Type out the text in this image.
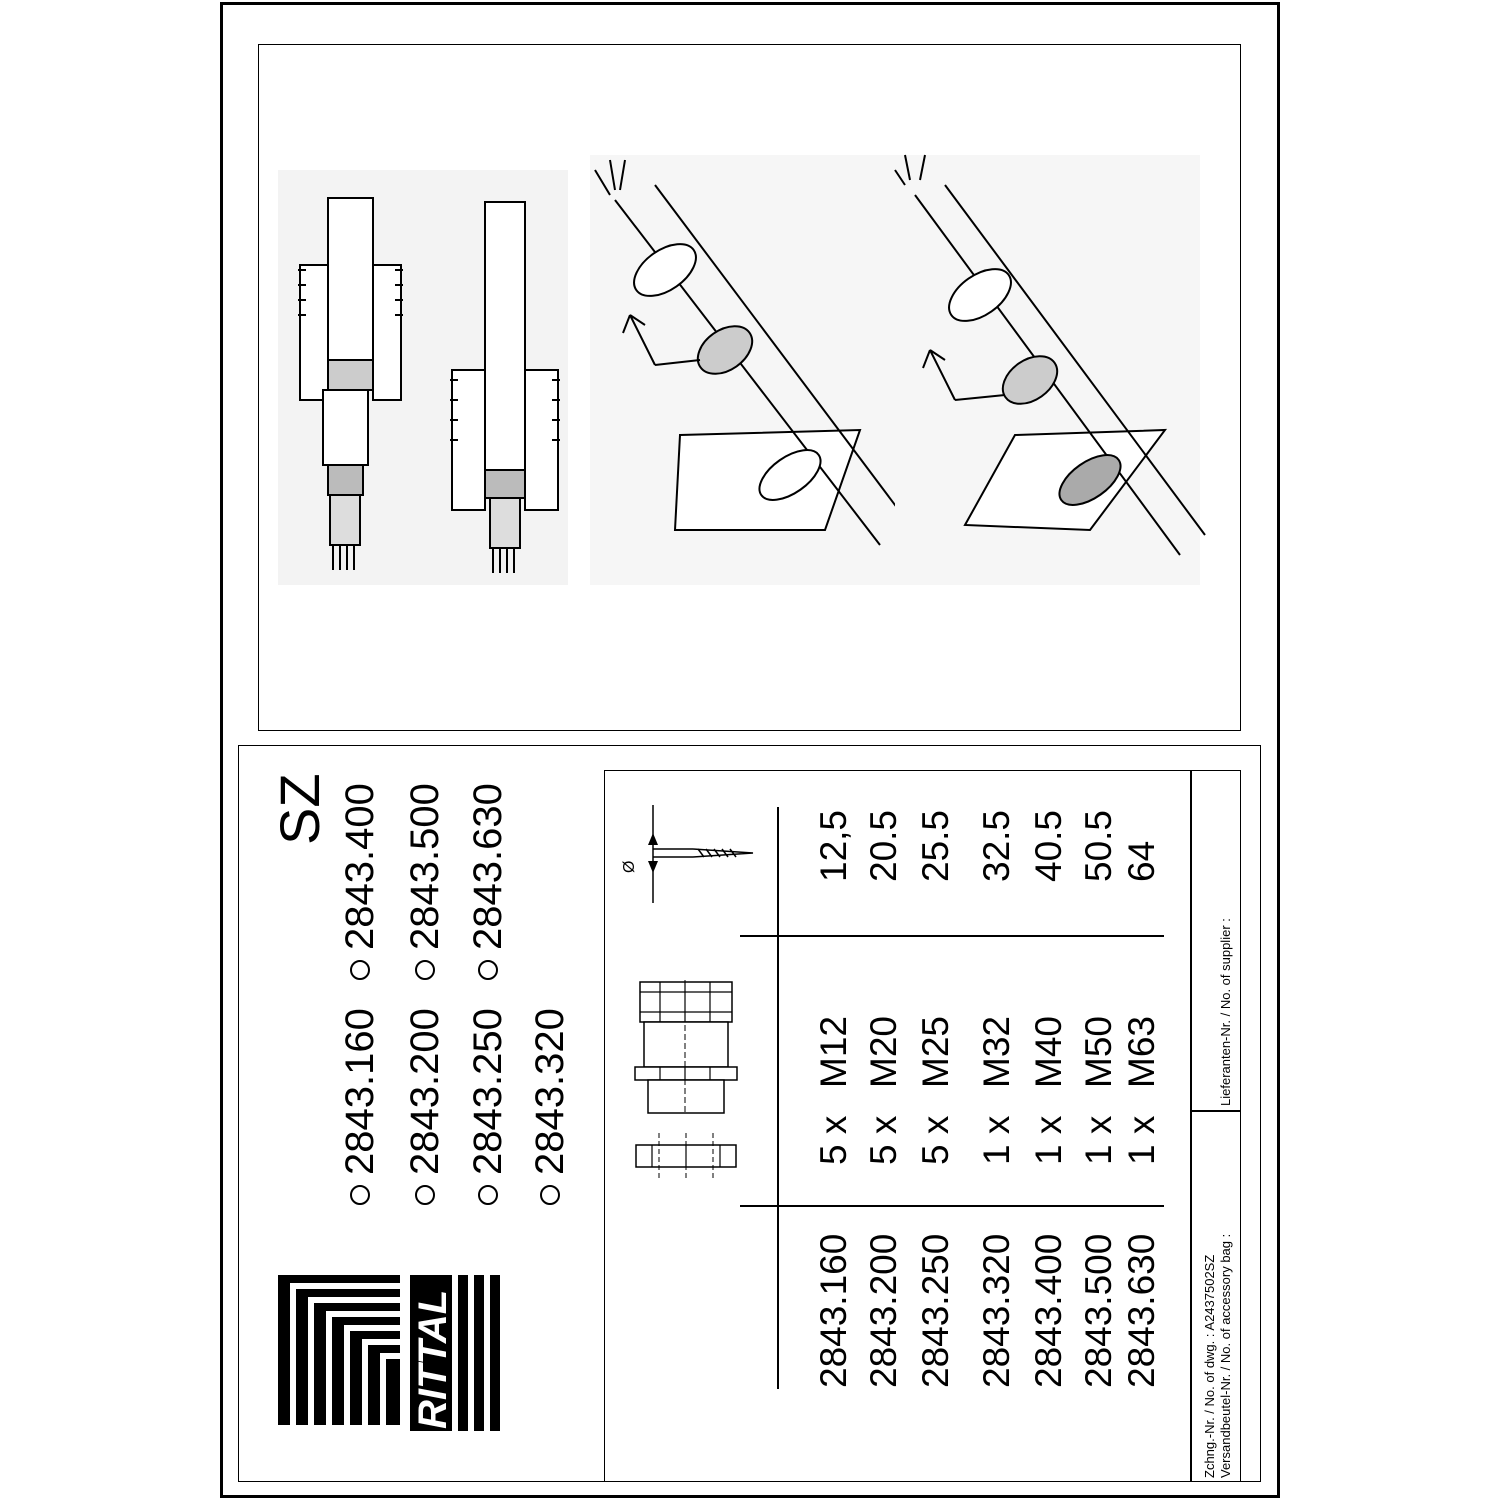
SZ
2843.160
2843.400
2843.200
2843.500
2843.250
2843.630
2843.320
RITTAL
Ø
2843.160 2843.200 2843.250 2843.320 2843.400 2843.500 2843.630
5 x 5 x 5 x 1 x 1 x 1 x 1 x
M12 M20 M25 M32 M40 M50 M63
12,5 20.5 25.5 32.5 40.5 50.5 64
Zchng.-Nr. / No. of dwg. : A2437502SZ Versandbeutel-Nr. / No. of accessory bag :
Lieferanten-Nr. / No. of supplier :
